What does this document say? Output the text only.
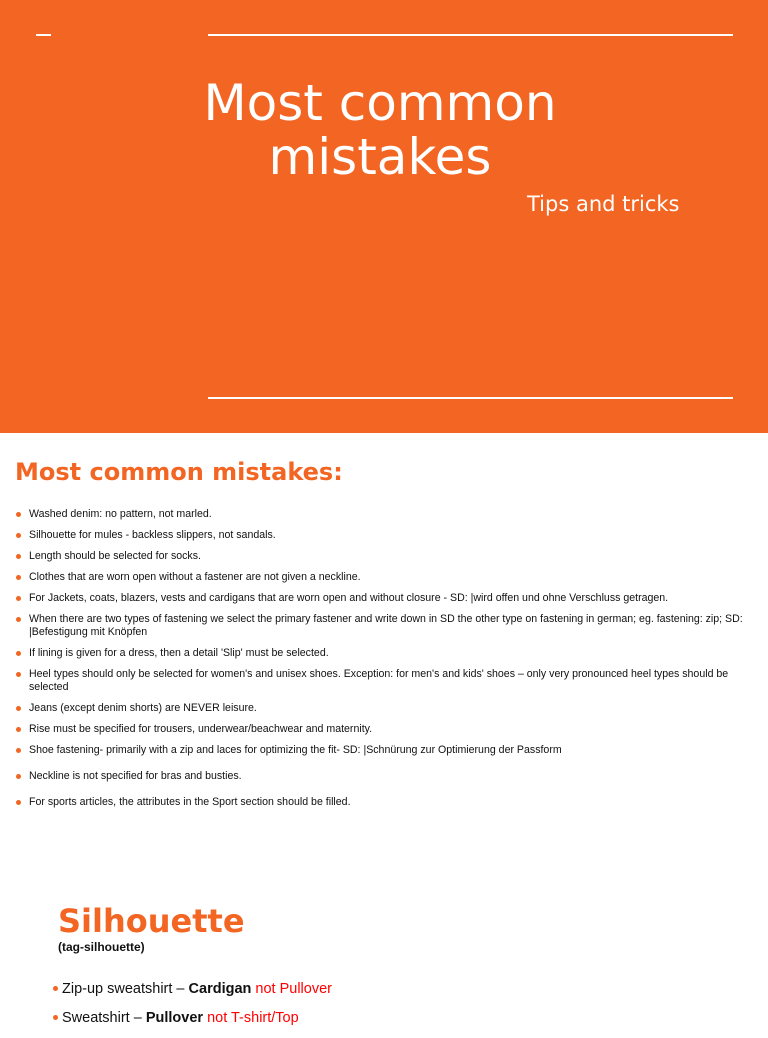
Most common mistakes
Tips and tricks
Most common mistakes:
Washed denim: no pattern, not marled.
Silhouette for mules - backless slippers, not sandals.
Length should be selected for socks.
Clothes that are worn open without a fastener are not given a neckline.
For Jackets, coats, blazers, vests and cardigans that are worn open and without closure - SD: |wird offen und ohne Verschluss getragen.
When there are two types of fastening we select the primary fastener and write down in SD the other type on fastening in german; eg. fastening: zip; SD: |Befestigung mit Knöpfen
If lining is given for a dress, then a detail 'Slip' must be selected.
Heel types should only be selected for women's and unisex shoes. Exception: for men's and kids' shoes – only very pronounced heel types should be selected
Jeans (except denim shorts) are NEVER leisure.
Rise must be specified for trousers, underwear/beachwear and maternity.
Shoe fastening- primarily with a zip and laces for optimizing the fit- SD: |Schnürung zur Optimierung der Passform
Neckline is not specified for bras and busties.
For sports articles, the attributes in the Sport section should be filled.
Silhouette
(tag-silhouette)
Zip-up sweatshirt – Cardigan not Pullover
Sweatshirt – Pullover not T-shirt/Top
